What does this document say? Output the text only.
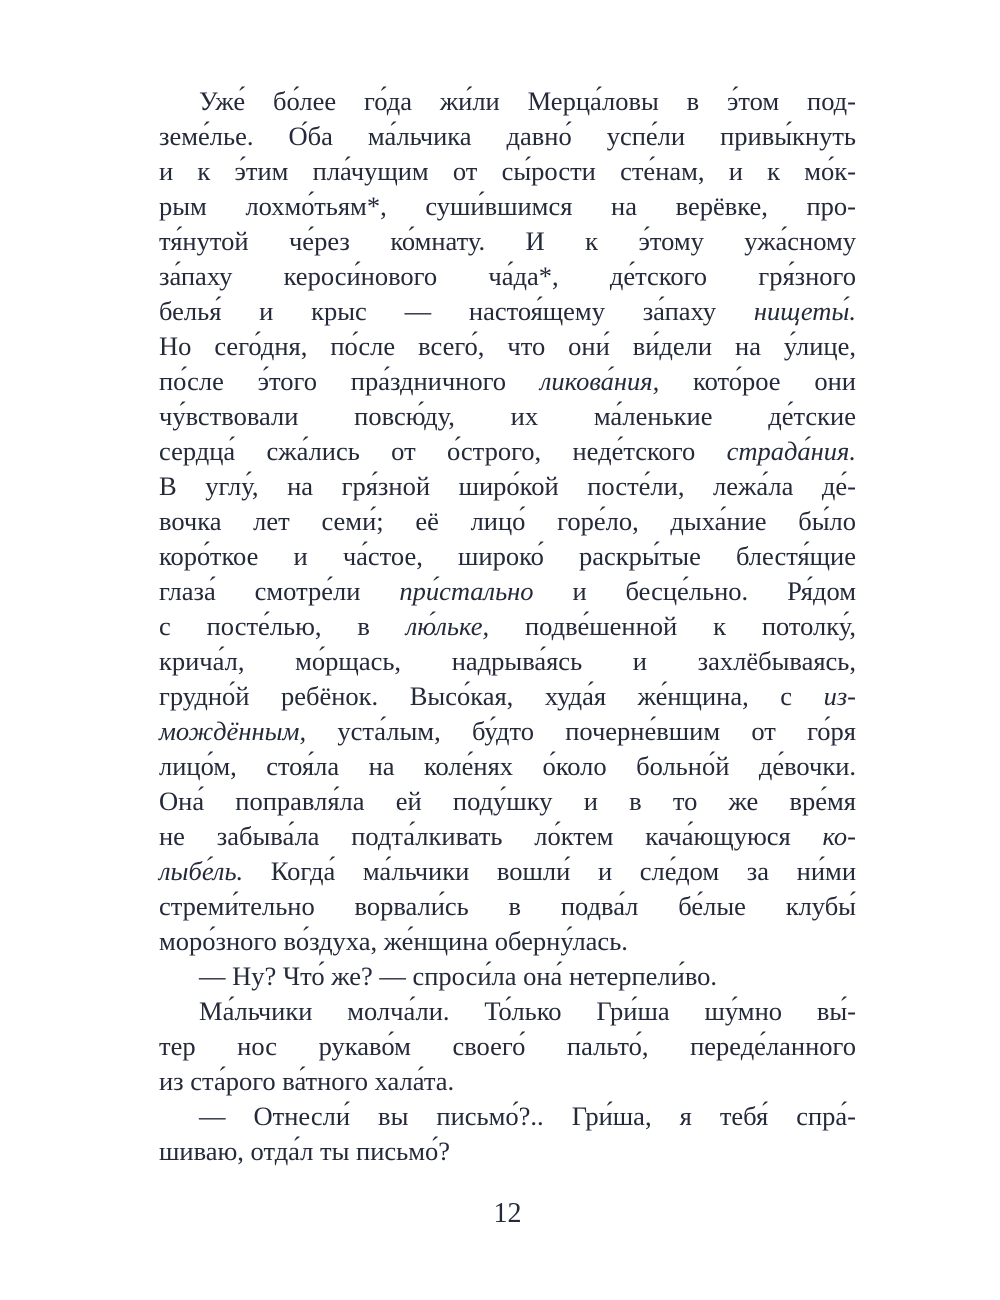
Уже́ бо́лее го́да жи́ли Мерца́ловы в э́том под-
земе́лье. О́ба ма́льчика давно́ успе́ли привы́кнуть
и к э́тим пла́чущим от сы́рости сте́нам, и к мо́к-
рым лохмо́тьям*, суши́вшимся на верёвке, про-
тя́нутой че́рез ко́мнату. И к э́тому ужа́сному
за́паху кероси́нового ча́да*, де́тского гря́зного
белья́ и крыс — настоя́щему за́паху нищеты́.
Но сего́дня, по́сле всего́, что они́ ви́дели на у́лице,
по́сле э́того пра́здничного ликова́ния, кото́рое они
чу́вствовали повсю́ду, их ма́ленькие де́тские
сердца́ сжа́лись от о́строго, неде́тского страда́ния.
В углу́, на гря́зной широ́кой посте́ли, лежа́ла де́-
вочка лет семи́; её лицо́ горе́ло, дыха́ние бы́ло
коро́ткое и ча́стое, широко́ раскры́тые блестя́щие
глаза́ смотре́ли при́стально и бесце́льно. Ря́дом
с посте́лью, в лю́льке, подве́шенной к потолку́,
крича́л, мо́рщась, надрыва́ясь и захлёбываясь,
грудно́й ребёнок. Высо́кая, худа́я же́нщина, с из-
мождённым, уста́лым, бу́дто почерне́вшим от го́ря
лицо́м, стоя́ла на коле́нях о́коло больно́й де́вочки.
Она́ поправля́ла ей поду́шку и в то же вре́мя
не забыва́ла подта́лкивать ло́ктем кача́ющуюся ко-
лыбе́ль. Когда́ ма́льчики вошли́ и сле́дом за ни́ми
стреми́тельно ворвали́сь в подва́л бе́лые клубы́
моро́зного во́здуха, же́нщина оберну́лась.
— Ну? Что́ же? — спроси́ла она́ нетерпели́во.
Ма́льчики молча́ли. То́лько Гри́ша шу́мно вы́-
тер нос рукаво́м своего́ пальто́, переде́ланного
из ста́рого ва́тного хала́та.
— Отнесли́ вы письмо́?.. Гри́ша, я тебя́ спра́-
шиваю, отда́л ты письмо́?
12
